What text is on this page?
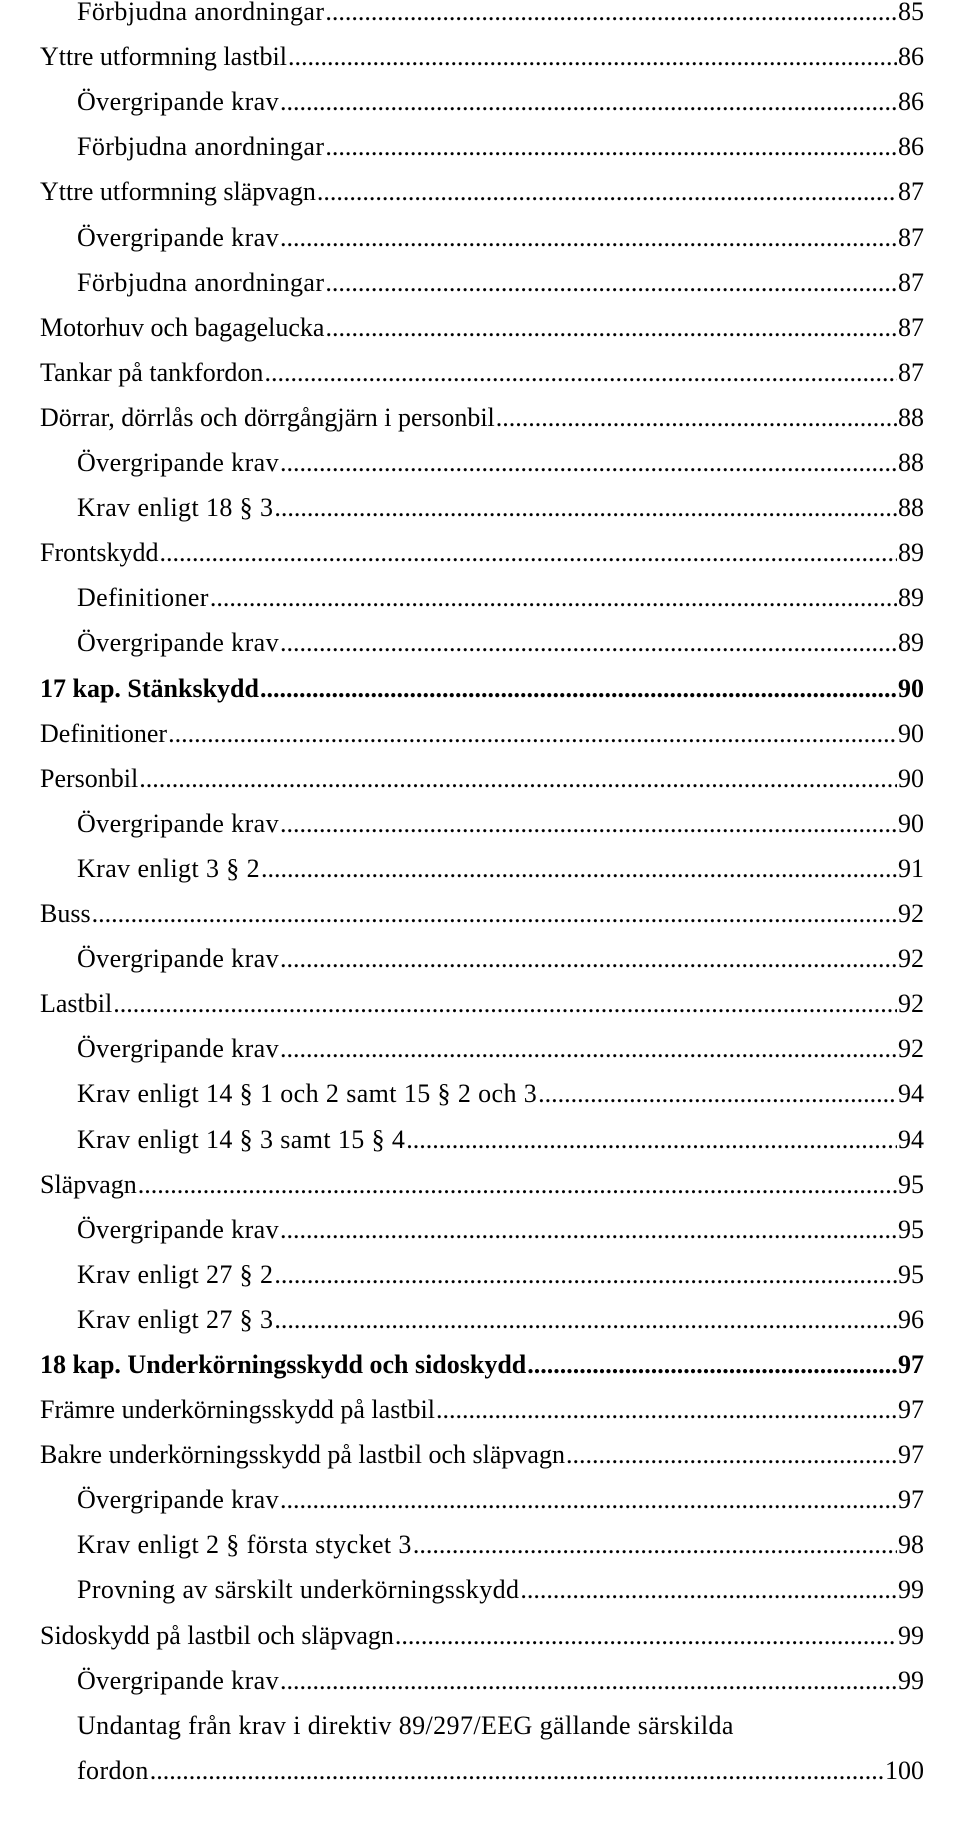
Förbjudna anordningar .....	85
Yttre utformning lastbil .....	86
Övergripande krav .....	86
Förbjudna anordningar .....	86
Yttre utformning släpvagn .....	87
Övergripande krav .....	87
Förbjudna anordningar .....	87
Motorhuv och bagagelucka .....	87
Tankar på tankfordon .....	87
Dörrar, dörrlås och dörrgångjärn i personbil .....	88
Övergripande krav .....	88
Krav enligt 18 § 3 .....	88
Frontskydd .....	89
Definitioner .....	89
Övergripande krav .....	89
17 kap. Stänkskydd .....	90
Definitioner .....	90
Personbil .....	90
Övergripande krav .....	90
Krav enligt 3 § 2 .....	91
Buss .....	92
Övergripande krav .....	92
Lastbil .....	92
Övergripande krav .....	92
Krav enligt 14 § 1 och 2 samt 15 § 2 och 3 .....	94
Krav enligt 14 § 3 samt 15 § 4 .....	94
Släpvagn .....	95
Övergripande krav .....	95
Krav enligt 27 § 2 .....	95
Krav enligt 27 § 3 .....	96
18 kap. Underkörningsskydd och sidoskydd .....	97
Främre underkörningsskydd på lastbil .....	97
Bakre underkörningsskydd på lastbil och släpvagn .....	97
Övergripande krav .....	97
Krav enligt 2 § första stycket 3 .....	98
Provning av särskilt underkörningsskydd .....	99
Sidoskydd på lastbil och släpvagn .....	99
Övergripande krav .....	99
Undantag från krav i direktiv 89/297/EEG gällande särskilda
fordon .....	100
